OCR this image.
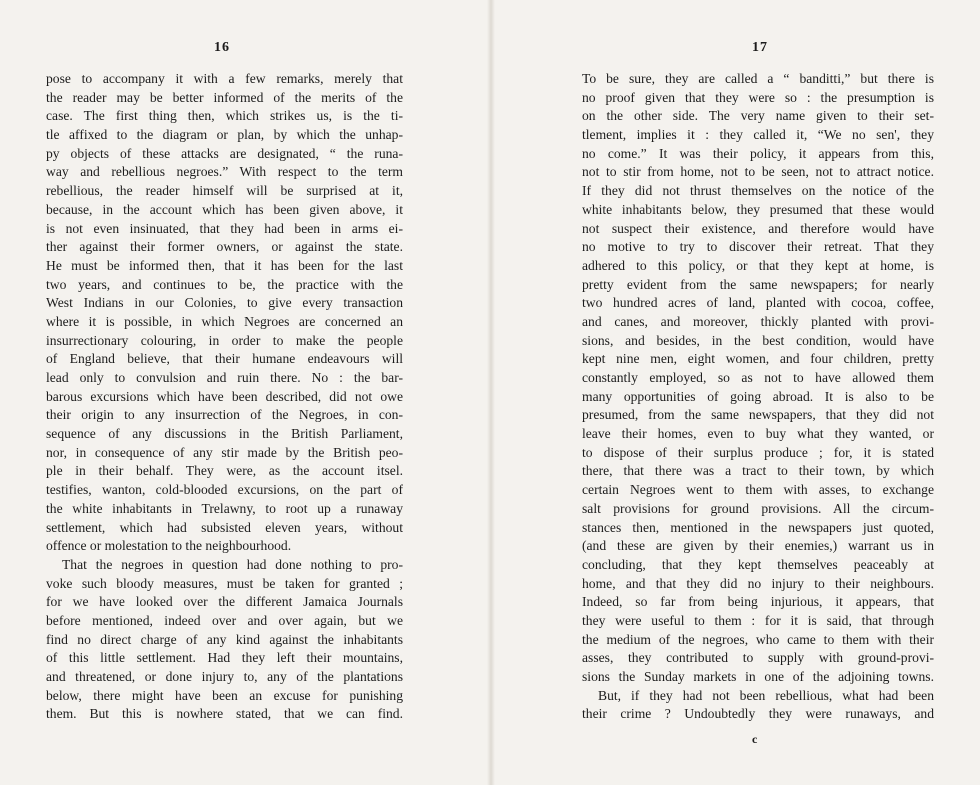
16
pose to accompany it with a few remarks, merely that
the reader may be better informed of the merits of the
case. The first thing then, which strikes us, is the ti-
tle affixed to the diagram or plan, by which the unhap-
py objects of these attacks are designated, “ the runa-
way and rebellious negroes.” With respect to the term
rebellious, the reader himself will be surprised at it,
because, in the account which has been given above, it
is not even insinuated, that they had been in arms ei-
ther against their former owners, or against the state.
He must be informed then, that it has been for the last
two years, and continues to be, the practice with the
West Indians in our Colonies, to give every transaction
where it is possible, in which Negroes are concerned an
insurrectionary colouring, in order to make the people
of England believe, that their humane endeavours will
lead only to convulsion and ruin there. No : the bar-
barous excursions which have been described, did not owe
their origin to any insurrection of the Negroes, in con-
sequence of any discussions in the British Parliament,
nor, in consequence of any stir made by the British peo-
ple in their behalf. They were, as the account itsel.
testifies, wanton, cold-blooded excursions, on the part of
the white inhabitants in Trelawny, to root up a runaway
settlement, which had subsisted eleven years, without
offence or molestation to the neighbourhood.
That the negroes in question had done nothing to pro-
voke such bloody measures, must be taken for granted ;
for we have looked over the different Jamaica Journals
before mentioned, indeed over and over again, but we
find no direct charge of any kind against the inhabitants
of this little settlement. Had they left their mountains,
and threatened, or done injury to, any of the plantations
below, there might have been an excuse for punishing
them. But this is nowhere stated, that we can find.
17
To be sure, they are called a “ banditti,” but there is
no proof given that they were so : the presumption is
on the other side. The very name given to their set-
tlement, implies it : they called it, “We no sen', they
no come.” It was their policy, it appears from this,
not to stir from home, not to be seen, not to attract notice.
If they did not thrust themselves on the notice of the
white inhabitants below, they presumed that these would
not suspect their existence, and therefore would have
no motive to try to discover their retreat. That they
adhered to this policy, or that they kept at home, is
pretty evident from the same newspapers; for nearly
two hundred acres of land, planted with cocoa, coffee,
and canes, and moreover, thickly planted with provi-
sions, and besides, in the best condition, would have
kept nine men, eight women, and four children, pretty
constantly employed, so as not to have allowed them
many opportunities of going abroad. It is also to be
presumed, from the same newspapers, that they did not
leave their homes, even to buy what they wanted, or
to dispose of their surplus produce ; for, it is stated
there, that there was a tract to their town, by which
certain Negroes went to them with asses, to exchange
salt provisions for ground provisions. All the circum-
stances then, mentioned in the newspapers just quoted,
(and these are given by their enemies,) warrant us in
concluding, that they kept themselves peaceably at
home, and that they did no injury to their neighbours.
Indeed, so far from being injurious, it appears, that
they were useful to them : for it is said, that through
the medium of the negroes, who came to them with their
asses, they contributed to supply with ground-provi-
sions the Sunday markets in one of the adjoining towns.
But, if they had not been rebellious, what had been
their crime ? Undoubtedly they were runaways, and
c
